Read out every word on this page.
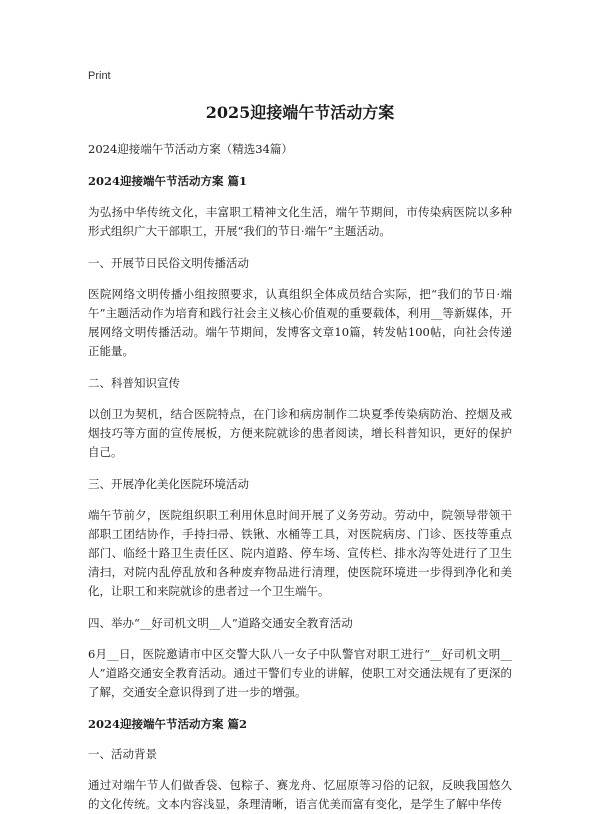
Print
2025迎接端午节活动方案
2024迎接端午节活动方案（精选34篇）
2024迎接端午节活动方案 篇1

为弘扬中华传统文化，丰富职工精神文化生活，端午节期间，市传染病医院以多种形式组织广大干部职工，开展“我们的节日·端午”主题活动。

一、开展节日民俗文明传播活动

医院网络文明传播小组按照要求，认真组织全体成员结合实际，把“我们的节日·端午”主题活动作为培育和践行社会主义核心价值观的重要载体，利用__等新媒体，开展网络文明传播活动。端午节期间，发博客文章10篇，转发帖100帖，向社会传递正能量。

二、科普知识宣传

以创卫为契机，结合医院特点，在门诊和病房制作二块夏季传染病防治、控烟及戒烟技巧等方面的宣传展板，方便来院就诊的患者阅读，增长科普知识，更好的保护自己。

三、开展净化美化医院环境活动

端午节前夕，医院组织职工利用休息时间开展了义务劳动。劳动中，院领导带领干部职工团结协作，手持扫帚、铁锹、水桶等工具，对医院病房、门诊、医技等重点部门、临经十路卫生责任区、院内道路、停车场、宣传栏、排水沟等处进行了卫生清扫，对院内乱停乱放和各种废弃物品进行清理，使医院环境进一步得到净化和美化，让职工和来院就诊的患者过一个卫生端午。

四、举办“__好司机文明__人”道路交通安全教育活动

6月__日，医院邀请市中区交警大队八一女子中队警官对职工进行“__好司机文明__人”道路交通安全教育活动。通过干警们专业的讲解，使职工对交通法规有了更深的了解，交通安全意识得到了进一步的增强。

2024迎接端午节活动方案 篇2

一、活动背景

通过对端午节人们做香袋、包粽子、赛龙舟、忆屈原等习俗的记叙，反映我国悠久的文化传统。文本内容浅显，条理清晰，语言优美而富有变化，是学生了解中华传
